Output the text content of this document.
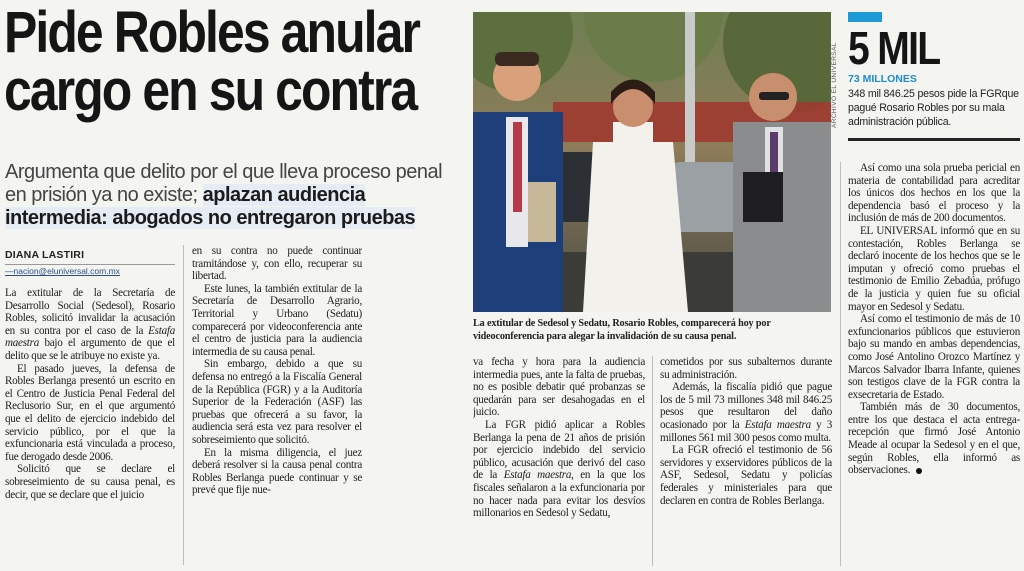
Pide Robles anular
cargo en su contra
Argumenta que delito por el que lleva proceso penal en prisión ya no existe; aplazan audiencia intermedia: abogados no entregaron pruebas
DIANA LASTIRI
—nacion@eluniversal.com.mx

La extitular de la Secretaría de Desarrollo Social (Sedesol), Rosario Robles, solicitó invalidar la acusación en su contra por el caso de la Estafa maestra bajo el argumento de que el delito que se le atribuye no existe ya.

El pasado jueves, la defensa de Robles Berlanga presentó un escrito en el Centro de Justicia Penal Federal del Reclusorio Sur, en el que argumentó que el delito de ejercicio indebido del servicio público, por el que la exfuncionaria está vinculada a proceso, fue derogado desde 2006.

Solicitó que se declare el sobreseimiento de su causa penal, es decir, que se declare que el juicio

en su contra no puede continuar tramitándose y, con ello, recuperar su libertad.

Este lunes, la también extitular de la Secretaría de Desarrollo Agrario, Territorial y Urbano (Sedatu) comparecerá por videoconferencia ante el centro de justicia para la audiencia intermedia de su causa penal.

Sin embargo, debido a que su defensa no entregó a la Fiscalía General de la República (FGR) y a la Auditoría Superior de la Federación (ASF) las pruebas que ofrecerá a su favor, la audiencia será esta vez para resolver el sobreseimiento que solicitó.

En la misma diligencia, el juez deberá resolver si la causa penal contra Robles Berlanga puede continuar y se prevé que fije nue-

ARCHIVO EL UNIVERSAL
La extitular de Sedesol y Sedatu, Rosario Robles, comparecerá hoy por videoconferencia para alegar la invalidación de su causa penal.

va fecha y hora para la audiencia intermedia pues, ante la falta de pruebas, no es posible debatir qué probanzas se quedarán para ser desahogadas en el juicio.

La FGR pidió aplicar a Robles Berlanga la pena de 21 años de prisión por ejercicio indebido del servicio público, acusación que derivó del caso de la Estafa maestra, en la que los fiscales señalaron a la exfuncionaria por no hacer nada para evitar los desvíos millonarios en Sedesol y Sedatu,

cometidos por sus subalternos durante su administración.

Además, la fiscalía pidió que pague los de 5 mil 73 millones 348 mil 846.25 pesos que resultaron del daño ocasionado por la Estafa maestra y 3 millones 561 mil 300 pesos como multa.

La FGR ofreció el testimonio de 56 servidores y exservidores públicos de la ASF, Sedesol, Sedatu y policías federales y ministeriales para que declaren en contra de Robles Berlanga.

5 MIL
73 MILLONES
348 mil 846.25 pesos pide la FGRque pagué Rosario Robles por su mala administración pública.

Así como una sola prueba pericial en materia de contabilidad para acreditar los únicos dos hechos en los que la dependencia basó el proceso y la inclusión de más de 200 documentos.

EL UNIVERSAL informó que en su contestación, Robles Berlanga se declaró inocente de los hechos que se le imputan y ofreció como pruebas el testimonio de Emilio Zebadúa, prófugo de la justicia y quien fue su oficial mayor en Sedesol y Sedatu.

Así como el testimonio de más de 10 exfuncionarios públicos que estuvieron bajo su mando en ambas dependencias, como José Antolino Orozco Martínez y Marcos Salvador Ibarra Infante, quienes son testigos clave de la FGR contra la exsecretaria de Estado.

También más de 30 documentos, entre los que destaca el acta entrega-recepción que firmó José Antonio Meade al ocupar la Sedesol y en el que, según Robles, ella informó as observaciones.
